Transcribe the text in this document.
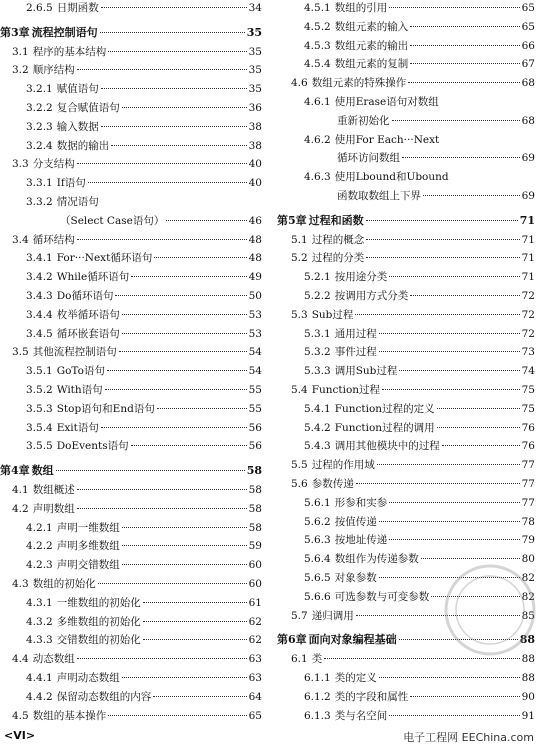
2.6.5 日期函数	34
第3章 流程控制语句	35
3.1 程序的基本结构	35
3.2 顺序结构	35
3.2.1 赋值语句	35
3.2.2 复合赋值语句	36
3.2.3 输入数据	38
3.2.4 数据的输出	38
3.3 分支结构	40
3.3.1 If语句	40
3.3.2 情况语句
（Select Case语句）	46
3.4 循环结构	48
3.4.1 For···Next循环语句	48
3.4.2 While循环语句	49
3.4.3 Do循环语句	50
3.4.4 枚举循环语句	53
3.4.5 循环嵌套语句	53
3.5 其他流程控制语句	54
3.5.1 GoTo语句	54
3.5.2 With语句	55
3.5.3 Stop语句和End语句	55
3.5.4 Exit语句	56
3.5.5 DoEvents语句	56
第4章 数组	58
4.1 数组概述	58
4.2 声明数组	58
4.2.1 声明一维数组	58
4.2.2 声明多维数组	59
4.2.3 声明交错数组	60
4.3 数组的初始化	60
4.3.1 一维数组的初始化	61
4.3.2 多维数组的初始化	62
4.3.3 交错数组的初始化	62
4.4 动态数组	63
4.4.1 声明动态数组	63
4.4.2 保留动态数组的内容	64
4.5 数组的基本操作	65
4.5.1 数组的引用	65
4.5.2 数组元素的输入	65
4.5.3 数组元素的输出	66
4.5.4 数组元素的复制	67
4.6 数组元素的特殊操作	68
4.6.1 使用Erase语句对数组
重新初始化	68
4.6.2 使用For Each···Next
循环访问数组	69
4.6.3 使用Lbound和Ubound
函数取数组上下界	69
第5章 过程和函数	71
5.1 过程的概念	71
5.2 过程的分类	71
5.2.1 按用途分类	71
5.2.2 按调用方式分类	72
5.3 Sub过程	72
5.3.1 通用过程	72
5.3.2 事件过程	73
5.3.3 调用Sub过程	74
5.4 Function过程	75
5.4.1 Function过程的定义	75
5.4.2 Function过程的调用	76
5.4.3 调用其他模块中的过程	76
5.5 过程的作用域	77
5.6 参数传递	77
5.6.1 形参和实参	77
5.6.2 按值传递	78
5.6.3 按地址传递	79
5.6.4 数组作为传递参数	80
5.6.5 对象参数	82
5.6.6 可选参数与可变参数	82
5.7 递归调用	85
第6章 面向对象编程基础	88
6.1 类	88
6.1.1 类的定义	88
6.1.2 类的字段和属性	90
6.1.3 类与名空间	91
<VI>	电子工程网 EEChina.com
